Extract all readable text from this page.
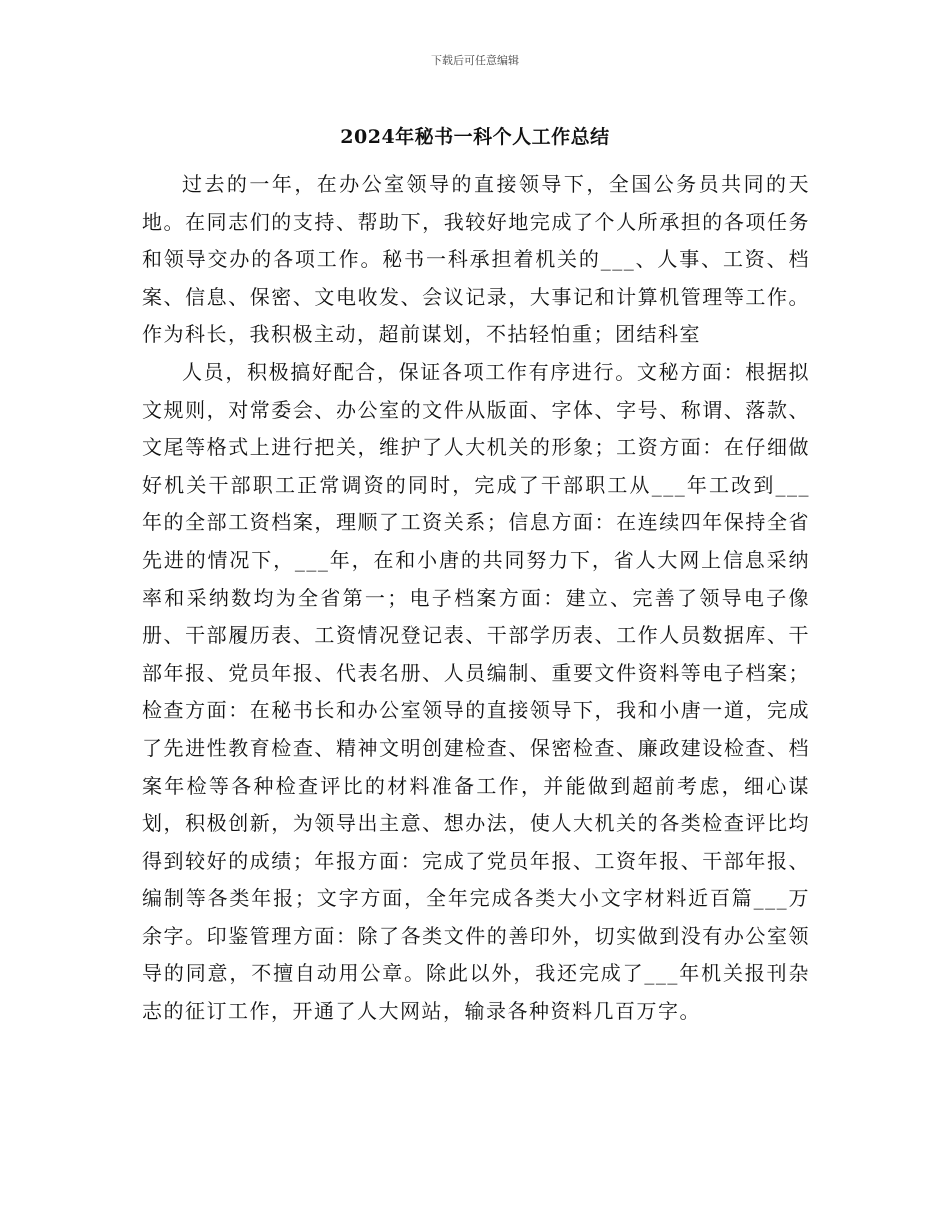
下载后可任意编辑
2024年秘书一科个人工作总结

过去的一年，在办公室领导的直接领导下，全国公务员共同的天地。在同志们的支持、帮助下，我较好地完成了个人所承担的各项任务和领导交办的各项工作。秘书一科承担着机关的___、人事、工资、档案、信息、保密、文电收发、会议记录，大事记和计算机管理等工作。作为科长，我积极主动，超前谋划，不拈轻怕重；团结科室

人员，积极搞好配合，保证各项工作有序进行。文秘方面：根据拟文规则，对常委会、办公室的文件从版面、字体、字号、称谓、落款、文尾等格式上进行把关，维护了人大机关的形象；工资方面：在仔细做好机关干部职工正常调资的同时，完成了干部职工从___年工改到___年的全部工资档案，理顺了工资关系；信息方面：在连续四年保持全省先进的情况下，___年，在和小唐的共同努力下，省人大网上信息采纳率和采纳数均为全省第一；电子档案方面：建立、完善了领导电子像册、干部履历表、工资情况登记表、干部学历表、工作人员数据库、干部年报、党员年报、代表名册、人员编制、重要文件资料等电子档案；检查方面：在秘书长和办公室领导的直接领导下，我和小唐一道，完成了先进性教育检查、精神文明创建检查、保密检查、廉政建设检查、档案年检等各种检查评比的材料准备工作，并能做到超前考虑，细心谋划，积极创新，为领导出主意、想办法，使人大机关的各类检查评比均得到较好的成绩；年报方面：完成了党员年报、工资年报、干部年报、编制等各类年报；文字方面，全年完成各类大小文字材料近百篇___万余字。印鉴管理方面：除了各类文件的善印外，切实做到没有办公室领导的同意，不擅自动用公章。除此以外，我还完成了___年机关报刊杂志的征订工作，开通了人大网站，输录各种资料几百万字。
